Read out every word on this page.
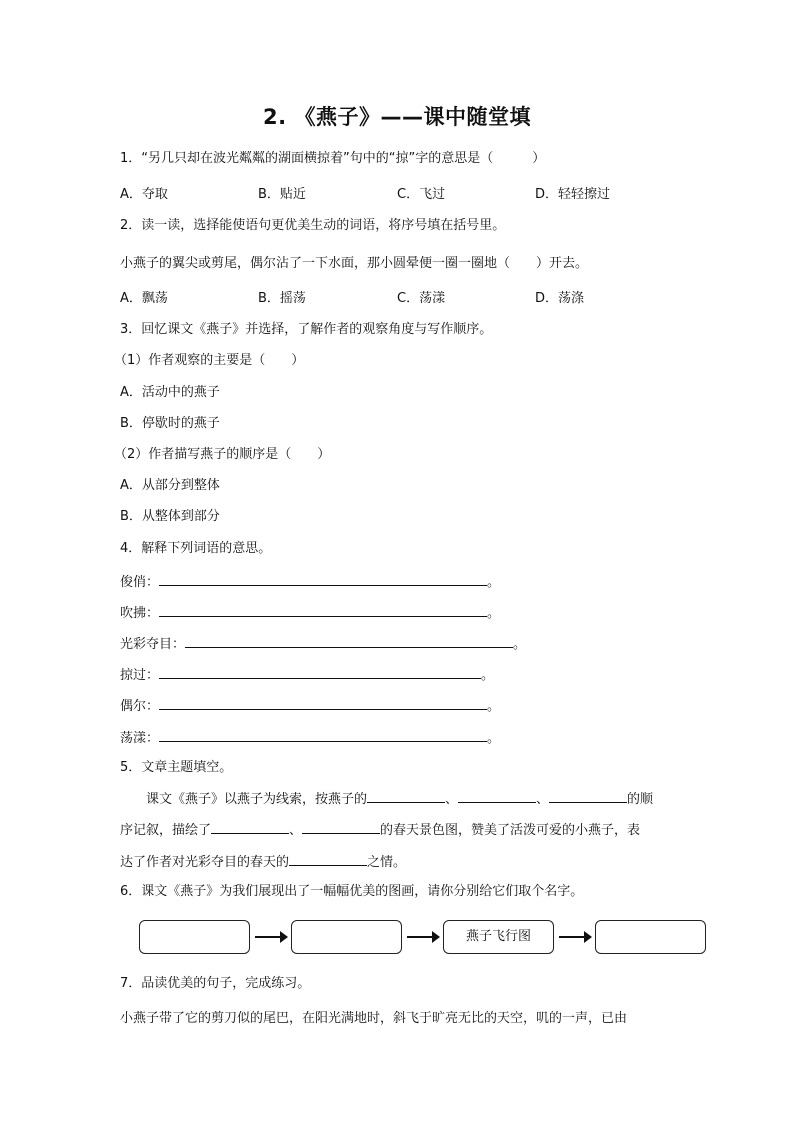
2. 《燕子》——课中随堂填
1．“另几只却在波光粼粼的湖面横掠着”句中的“掠”字的意思是（　　　）
A．夺取	B．贴近	C．飞过	D．轻轻擦过
2．读一读，选择能使语句更优美生动的词语，将序号填在括号里。
小燕子的翼尖或剪尾，偶尔沾了一下水面，那小圆晕便一圈一圈地（　　）开去。
A．飘荡	B．摇荡	C．荡漾	D．荡涤
3．回忆课文《燕子》并选择，了解作者的观察角度与写作顺序。
（1）作者观察的主要是（　　）
A．活动中的燕子
B．停歇时的燕子
（2）作者描写燕子的顺序是（　　）
A．从部分到整体
B．从整体到部分
4．解释下列词语的意思。
俊俏：	。
吹拂：	。
光彩夺目：	。
掠过：	。
偶尔：	。
荡漾：	。
5．文章主题填空。
课文《燕子》以燕子为线索，按燕子的	、	、	的顺
序记叙，描绘了	、	的春天景色图，赞美了活泼可爱的小燕子，表
达了作者对光彩夺目的春天的	之情。
6．课文《燕子》为我们展现出了一幅幅优美的图画，请你分别给它们取个名字。
燕子飞行图
7．品读优美的句子，完成练习。
小燕子带了它的剪刀似的尾巴，在阳光满地时，斜飞于旷亮无比的天空，叽的一声，已由
